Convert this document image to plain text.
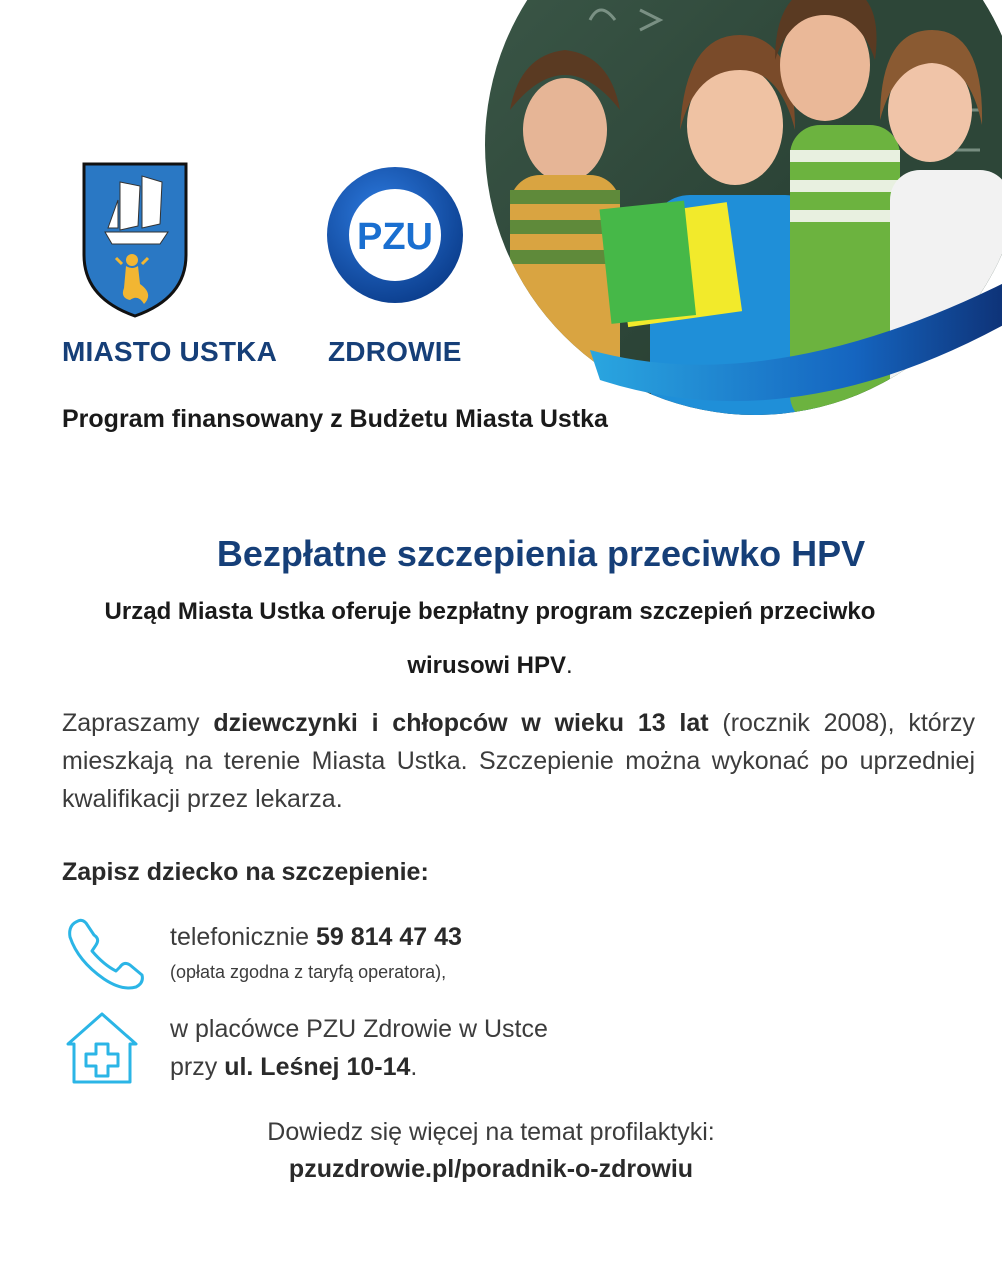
PZU
MIASTO USTKA ZDROWIE
Program finansowany z Budżetu Miasta Ustka
Bezpłatne szczepienia przeciwko HPV
Urząd Miasta Ustka oferuje bezpłatny program szczepień przeciwko
wirusowi HPV.
Zapraszamy dziewczynki i chłopców w wieku 13 lat (rocznik 2008), którzy mieszkają na terenie Miasta Ustka. Szczepienie można wykonać po uprzedniej kwalifikacji przez lekarza.
Zapisz dziecko na szczepienie:
telefonicznie 59 814 47 43
(opłata zgodna z taryfą operatora),
w placówce PZU Zdrowie w Ustce
przy ul. Leśnej 10-14.
Dowiedz się więcej na temat profilaktyki:
pzuzdrowie.pl/poradnik-o-zdrowiu
